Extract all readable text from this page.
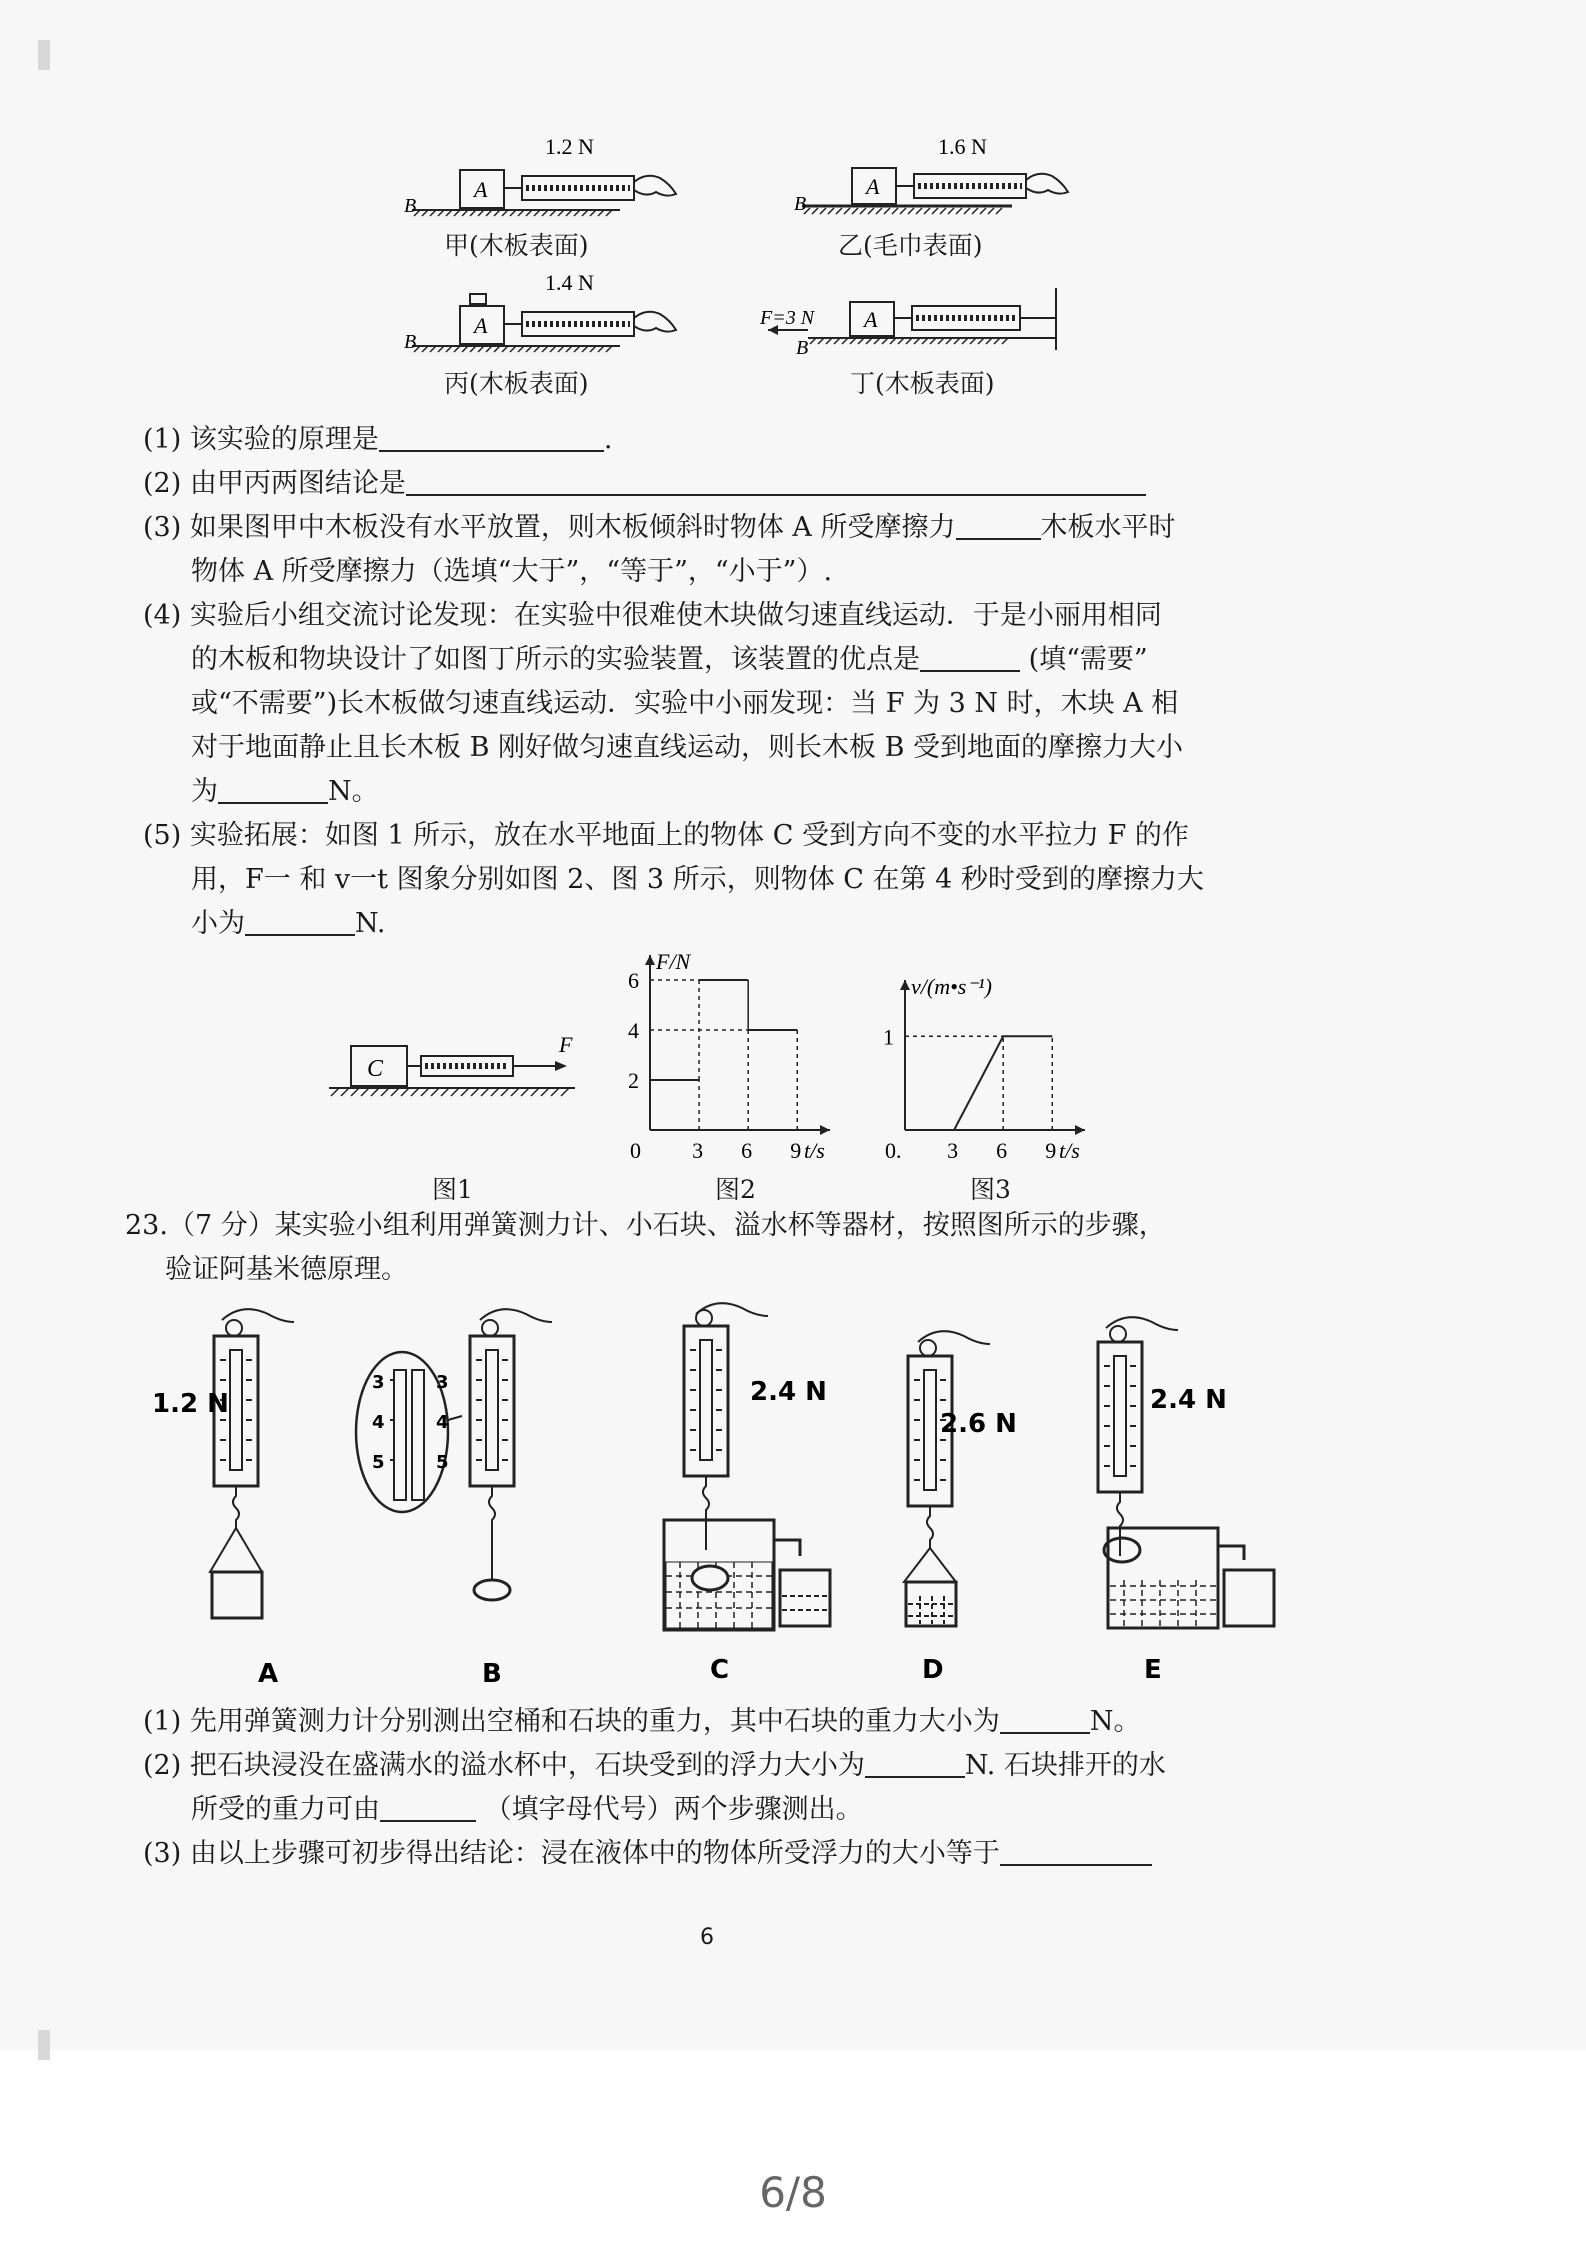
1.2 N
A
B
甲(木板表面)
1.6 N
A
B
乙(毛巾表面)
1.4 N
A
B
丙(木板表面)
F=3 N A
B
丁(木板表面)
(1) 该实验的原理是	.
(2) 由甲丙两图结论是
(3) 如果图甲中木板没有水平放置，则木板倾斜时物体 A 所受摩擦力	木板水平时
物体 A 所受摩擦力（选填“大于”，“等于”，“小于”）.
(4) 实验后小组交流讨论发现：在实验中很难使木块做匀速直线运动．于是小丽用相同
的木板和物块设计了如图丁所示的实验装置，该装置的优点是	(填“需要”
或“不需要”)长木板做匀速直线运动．实验中小丽发现：当 F 为 3 N 时，木块 A 相
对于地面静止且长木板 B 刚好做匀速直线运动，则长木板 B 受到地面的摩擦力大小
为	N。
(5) 实验拓展：如图 1 所示，放在水平地面上的物体 C 受到方向不变的水平拉力 F 的作
用，F一 和 v一t 图象分别如图 2、图 3 所示，则物体 C 在第 4 秒时受到的摩擦力大
小为	N.
C
F
图1
F/N
t/s
0 3 6 9
2
4
6
图2
v/(m•s⁻¹)
t/s
0. 3 6 9
1
图3
23.（7 分）某实验小组利用弹簧测力计、小石块、溢水杯等器材，按照图所示的步骤，
验证阿基米德原理。
1.2 N
3
4
5
3
4
5
2.4 N
2.6 N
2.4 N
A	B	C	D	E
(1) 先用弹簧测力计分别测出空桶和石块的重力，其中石块的重力大小为	N。
(2) 把石块浸没在盛满水的溢水杯中，石块受到的浮力大小为	N. 石块排开的水
所受的重力可由	（填字母代号）两个步骤测出。
(3) 由以上步骤可初步得出结论：浸在液体中的物体所受浮力的大小等于
6
6/8
